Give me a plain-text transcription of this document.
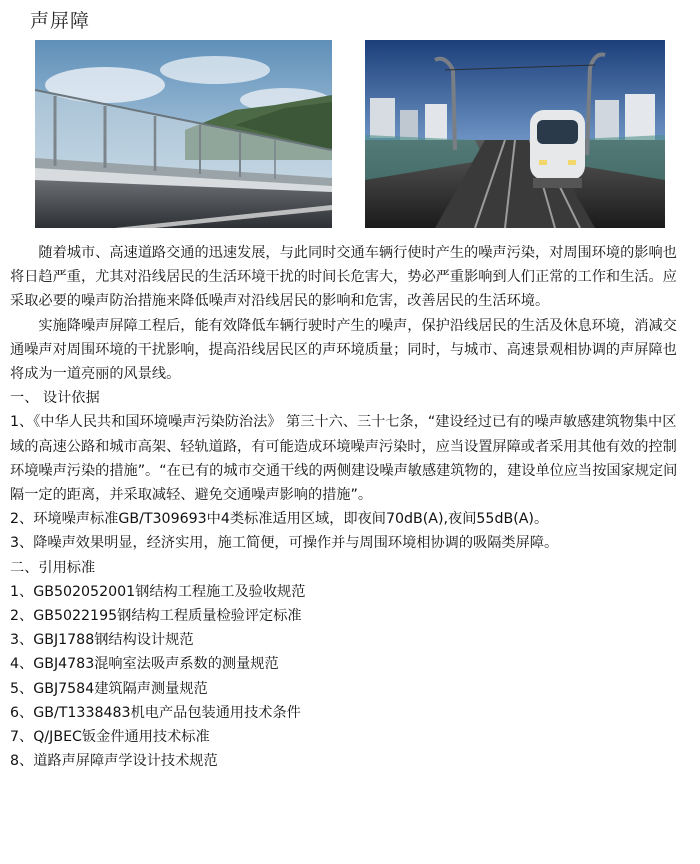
声屏障

随着城市、高速道路交通的迅速发展，与此同时交通车辆行使时产生的噪声污染，对周围环境的影响也将日趋严重，尤其对沿线居民的生活环境干扰的时间长危害大，势必严重影响到人们正常的工作和生活。应采取必要的噪声防治措施来降低噪声对沿线居民的影响和危害，改善居民的生活环境。

实施降噪声屏障工程后，能有效降低车辆行驶时产生的噪声，保护沿线居民的生活及休息环境，消减交通噪声对周围环境的干扰影响，提高沿线居民区的声环境质量；同时，与城市、高速景观相协调的声屏障也将成为一道亮丽的风景线。

一、 设计依据

1、《中华人民共和国环境噪声污染防治法》 第三十六、三十七条，“建设经过已有的噪声敏感建筑物集中区域的高速公路和城市高架、轻轨道路，有可能造成环境噪声污染时，应当设置屏障或者采用其他有效的控制环境噪声污染的措施”。“在已有的城市交通干线的两侧建设噪声敏感建筑物的，建设单位应当按国家规定间隔一定的距离，并采取减轻、避免交通噪声影响的措施”。

2、环境噪声标准GB/T309693中4类标准适用区域，即夜间70dB(A),夜间55dB(A)。

3、降噪声效果明显，经济实用，施工简便，可操作并与周围环境相协调的吸隔类屏障。

二、引用标准

1、GB502052001钢结构工程施工及验收规范

2、GB5022195钢结构工程质量检验评定标准

3、GBJ1788钢结构设计规范

4、GBJ4783混响室法吸声系数的测量规范

5、GBJ7584建筑隔声测量规范

6、GB/T1338483机电产品包装通用技术条件

7、Q/JBEC钣金件通用技术标准

8、道路声屏障声学设计技术规范
